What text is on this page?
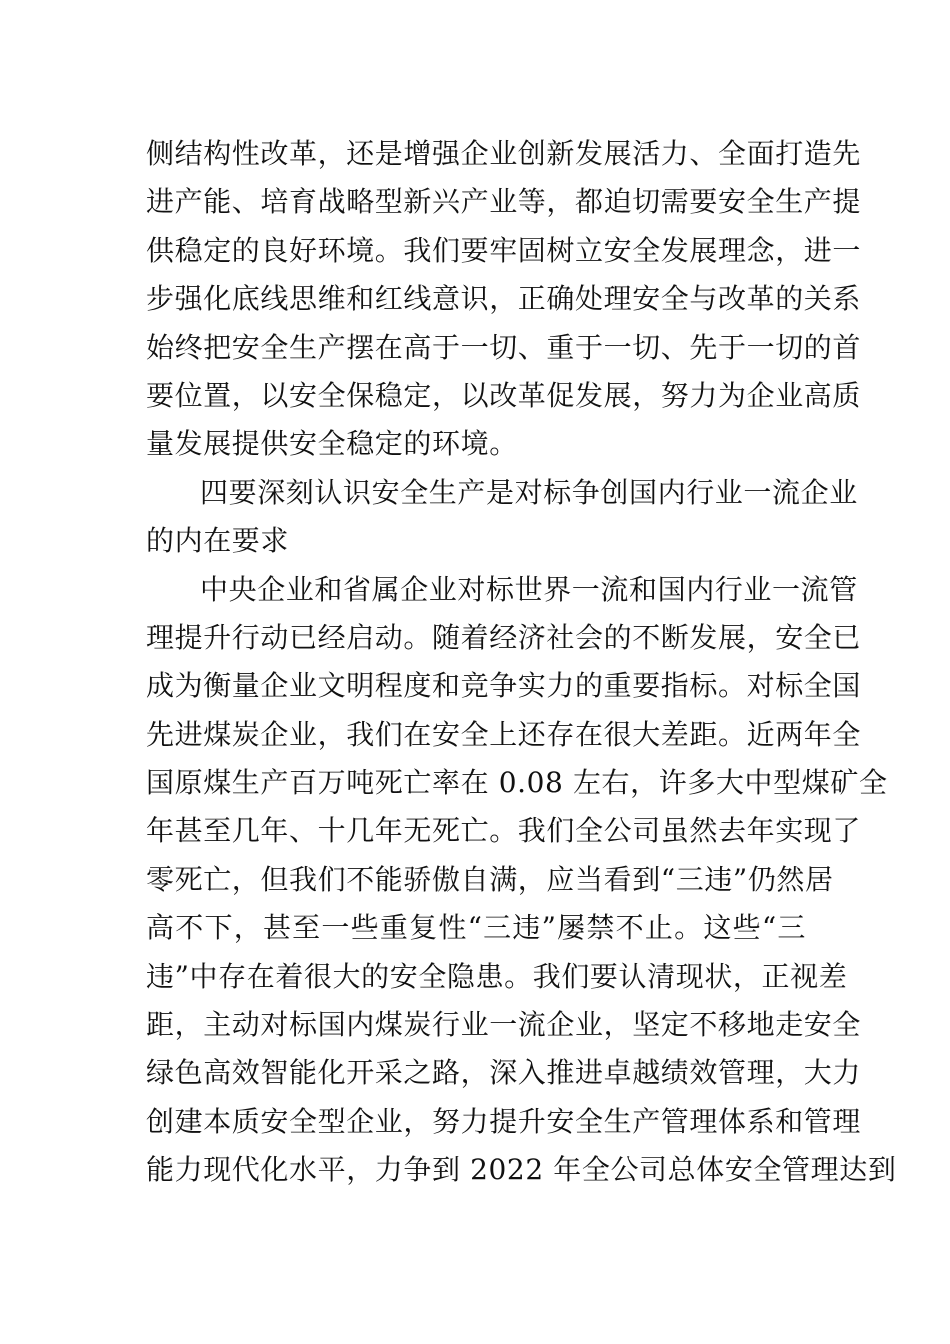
侧结构性改革，还是增强企业创新发展活力、全面打造先
进产能、培育战略型新兴产业等，都迫切需要安全生产提
供稳定的良好环境。我们要牢固树立安全发展理念，进一
步强化底线思维和红线意识，正确处理安全与改革的关系
始终把安全生产摆在高于一切、重于一切、先于一切的首
要位置，以安全保稳定，以改革促发展，努力为企业高质
量发展提供安全稳定的环境。
四要深刻认识安全生产是对标争创国内行业一流企业
的内在要求
中央企业和省属企业对标世界一流和国内行业一流管
理提升行动已经启动。随着经济社会的不断发展，安全已
成为衡量企业文明程度和竞争实力的重要指标。对标全国
先进煤炭企业，我们在安全上还存在很大差距。近两年全
国原煤生产百万吨死亡率在 0.08 左右，许多大中型煤矿全
年甚至几年、十几年无死亡。我们全公司虽然去年实现了
零死亡，但我们不能骄傲自满，应当看到“三违”仍然居
高不下，甚至一些重复性“三违”屡禁不止。这些“三
违”中存在着很大的安全隐患。我们要认清现状，正视差
距，主动对标国内煤炭行业一流企业，坚定不移地走安全
绿色高效智能化开采之路，深入推进卓越绩效管理，大力
创建本质安全型企业，努力提升安全生产管理体系和管理
能力现代化水平，力争到 2022 年全公司总体安全管理达到
